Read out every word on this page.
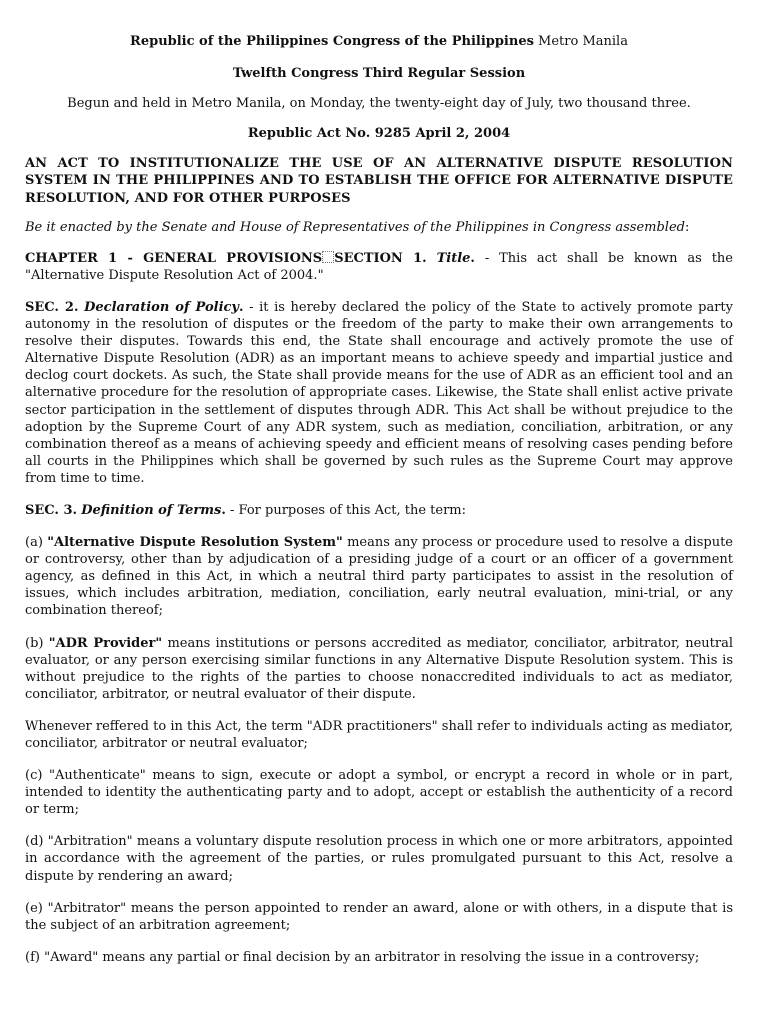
Republic of the Philippines Congress of the Philippines Metro Manila

Twelfth Congress Third Regular Session

Begun and held in Metro Manila, on Monday, the twenty-eight day of July, two thousand three.

Republic Act No. 9285 April 2, 2004

AN ACT TO INSTITUTIONALIZE THE USE OF AN ALTERNATIVE DISPUTE RESOLUTION SYSTEM IN THE PHILIPPINES AND TO ESTABLISH THE OFFICE FOR ALTERNATIVE DISPUTE RESOLUTION, AND FOR OTHER PURPOSES

Be it enacted by the Senate and House of Representatives of the Philippines in Congress assembled:

CHAPTER 1 - GENERAL PROVISIONS SECTION 1. Title. - This act shall be known as the "Alternative Dispute Resolution Act of 2004."

SEC. 2. Declaration of Policy. - it is hereby declared the policy of the State to actively promote party autonomy in the resolution of disputes or the freedom of the party to make their own arrangements to resolve their disputes. Towards this end, the State shall encourage and actively promote the use of Alternative Dispute Resolution (ADR) as an important means to achieve speedy and impartial justice and declog court dockets. As such, the State shall provide means for the use of ADR as an efficient tool and an alternative procedure for the resolution of appropriate cases. Likewise, the State shall enlist active private sector participation in the settlement of disputes through ADR. This Act shall be without prejudice to the adoption by the Supreme Court of any ADR system, such as mediation, conciliation, arbitration, or any combination thereof as a means of achieving speedy and efficient means of resolving cases pending before all courts in the Philippines which shall be governed by such rules as the Supreme Court may approve from time to time.

SEC. 3. Definition of Terms. - For purposes of this Act, the term:

(a) "Alternative Dispute Resolution System" means any process or procedure used to resolve a dispute or controversy, other than by adjudication of a presiding judge of a court or an officer of a government agency, as defined in this Act, in which a neutral third party participates to assist in the resolution of issues, which includes arbitration, mediation, conciliation, early neutral evaluation, mini-trial, or any combination thereof;

(b) "ADR Provider" means institutions or persons accredited as mediator, conciliator, arbitrator, neutral evaluator, or any person exercising similar functions in any Alternative Dispute Resolution system. This is without prejudice to the rights of the parties to choose nonaccredited individuals to act as mediator, conciliator, arbitrator, or neutral evaluator of their dispute.

Whenever reffered to in this Act, the term "ADR practitioners" shall refer to individuals acting as mediator, conciliator, arbitrator or neutral evaluator;

(c) "Authenticate" means to sign, execute or adopt a symbol, or encrypt a record in whole or in part, intended to identity the authenticating party and to adopt, accept or establish the authenticity of a record or term;

(d) "Arbitration" means a voluntary dispute resolution process in which one or more arbitrators, appointed in accordance with the agreement of the parties, or rules promulgated pursuant to this Act, resolve a dispute by rendering an award;

(e) "Arbitrator" means the person appointed to render an award, alone or with others, in a dispute that is the subject of an arbitration agreement;

(f) "Award" means any partial or final decision by an arbitrator in resolving the issue in a controversy;
